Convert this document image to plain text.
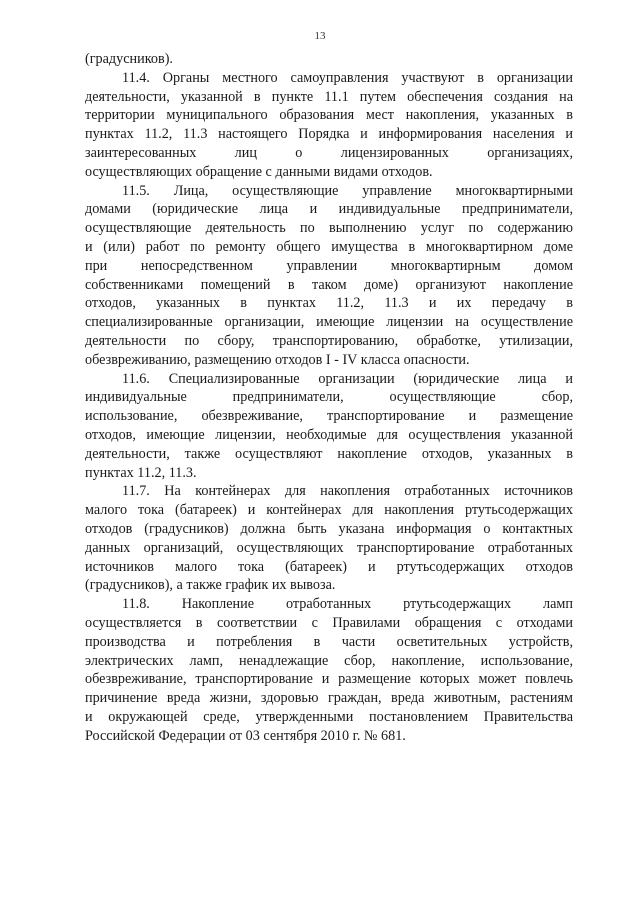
13
(градусников).
11.4. Органы местного самоуправления участвуют в организации
деятельности, указанной в пункте 11.1 путем обеспечения создания на
территории муниципального образования мест накопления, указанных в
пунктах 11.2, 11.3 настоящего Порядка и информирования населения и
заинтересованных лиц о лицензированных организациях,
осуществляющих обращение с данными видами отходов.
11.5. Лица, осуществляющие управление многоквартирными
домами (юридические лица и индивидуальные предприниматели,
осуществляющие деятельность по выполнению услуг по содержанию
и (или) работ по ремонту общего имущества в многоквартирном доме
при непосредственном управлении многоквартирным домом
собственниками помещений в таком доме) организуют накопление
отходов, указанных в пунктах 11.2, 11.3 и их передачу в
специализированные организации, имеющие лицензии на осуществление
деятельности по сбору, транспортированию, обработке, утилизации,
обезвреживанию, размещению отходов I - IV класса опасности.
11.6. Специализированные организации (юридические лица и
индивидуальные предприниматели, осуществляющие сбор,
использование, обезвреживание, транспортирование и размещение
отходов, имеющие лицензии, необходимые для осуществления указанной
деятельности, также осуществляют накопление отходов, указанных в
пунктах 11.2, 11.3.
11.7. На контейнерах для накопления отработанных источников
малого тока (батареек) и контейнерах для накопления ртутьсодержащих
отходов (градусников) должна быть указана информация о контактных
данных организаций, осуществляющих транспортирование отработанных
источников малого тока (батареек) и ртутьсодержащих отходов
(градусников), а также график их вывоза.
11.8. Накопление отработанных ртутьсодержащих ламп
осуществляется в соответствии с Правилами обращения с отходами
производства и потребления в части осветительных устройств,
электрических ламп, ненадлежащие сбор, накопление, использование,
обезвреживание, транспортирование и размещение которых может повлечь
причинение вреда жизни, здоровью граждан, вреда животным, растениям
и окружающей среде, утвержденными постановлением Правительства
Российской Федерации от 03 сентября 2010 г. № 681.
